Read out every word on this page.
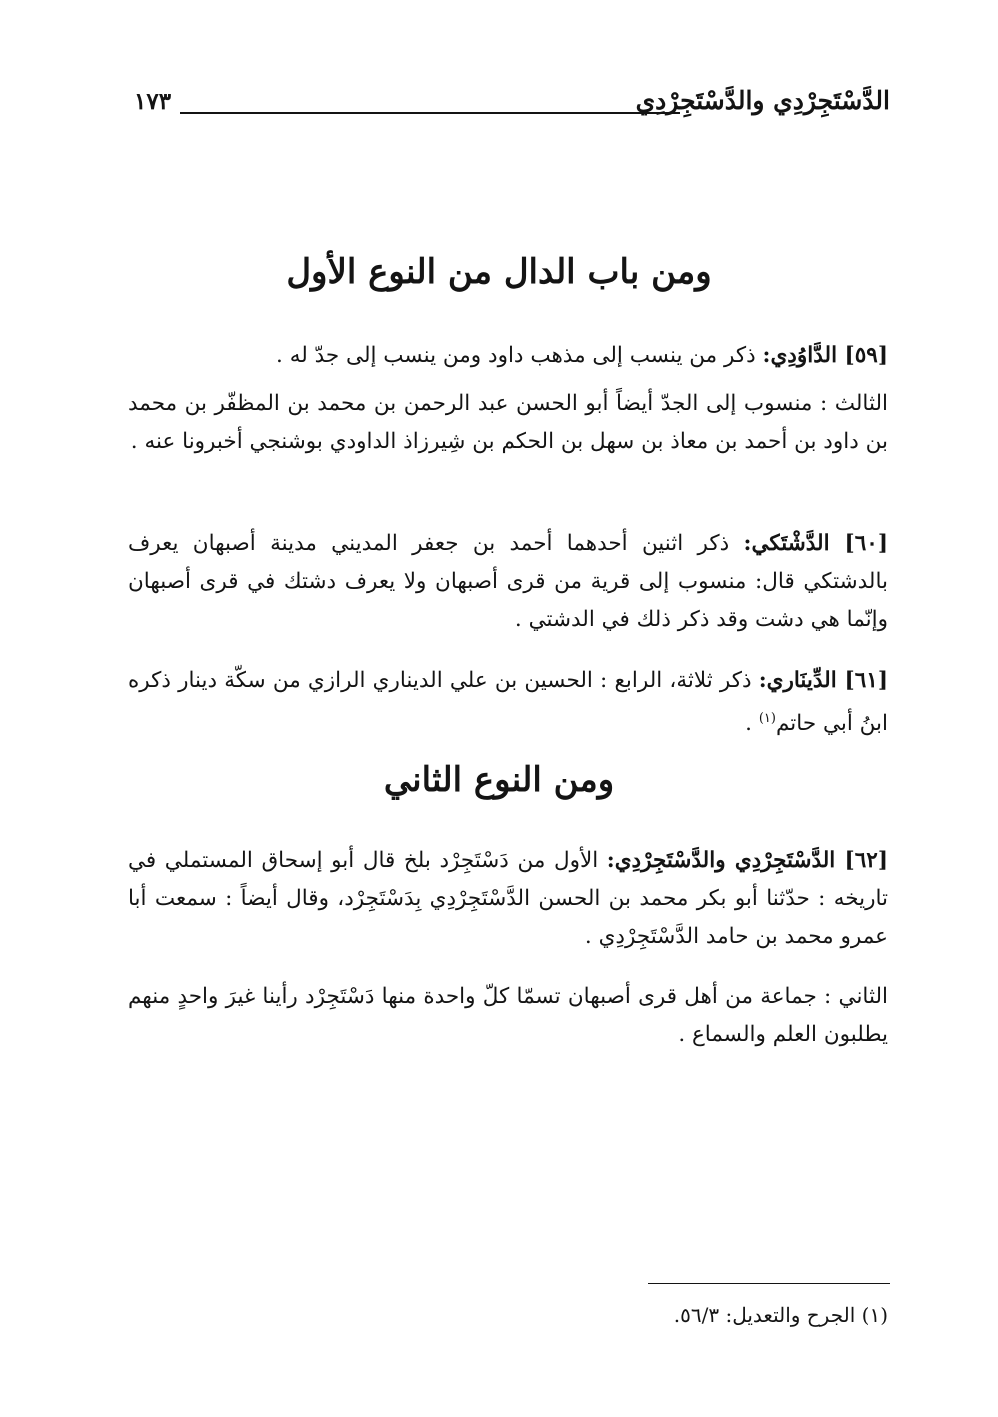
الدَّسْتَجِرْدِي والدَّسْتَجِرْدِي
١٧٣
ومن باب الدال من النوع الأول
[٥٩] الدَّاوُدِي: ذكر من ينسب إلى مذهب داود ومن ينسب إلى جدّ له .
الثالث : منسوب إلى الجدّ أيضاً أبو الحسن عبد الرحمن بن محمد بن المظفّر بن محمد بن داود بن أحمد بن معاذ بن سهل بن الحكم بن شِيرزاذ الداودي بوشنجي أخبرونا عنه .
[٦٠] الدَّشْتَكي: ذكر اثنين أحدهما أحمد بن جعفر المديني مدينة أصبهان يعرف بالدشتكي قال: منسوب إلى قرية من قرى أصبهان ولا يعرف دشتك في قرى أصبهان وإنّما هي دشت وقد ذكر ذلك في الدشتي .
[٦١] الدِّينَاري: ذكر ثلاثة، الرابع : الحسين بن علي الديناري الرازي من سكّة دينار ذكره ابنُ أبي حاتم$^{(١)}$ .
ومن النوع الثاني
[٦٢] الدَّسْتَجِرْدِي والدَّسْتَجِرْدِي: الأول من دَسْتَجِرْد بلخ قال أبو إسحاق المستملي في تاريخه : حدّثنا أبو بكر محمد بن الحسن الدَّسْتَجِرْدِي بِدَسْتَجِرْد، وقال أيضاً : سمعت أبا عمرو محمد بن حامد الدَّسْتَجِرْدِي .
الثاني : جماعة من أهل قرى أصبهان تسمّا كلّ واحدة منها دَسْتَجِرْد رأينا غيرَ واحدٍ منهم يطلبون العلم والسماع .
(١) الجرح والتعديل: ٥٦/٣.
